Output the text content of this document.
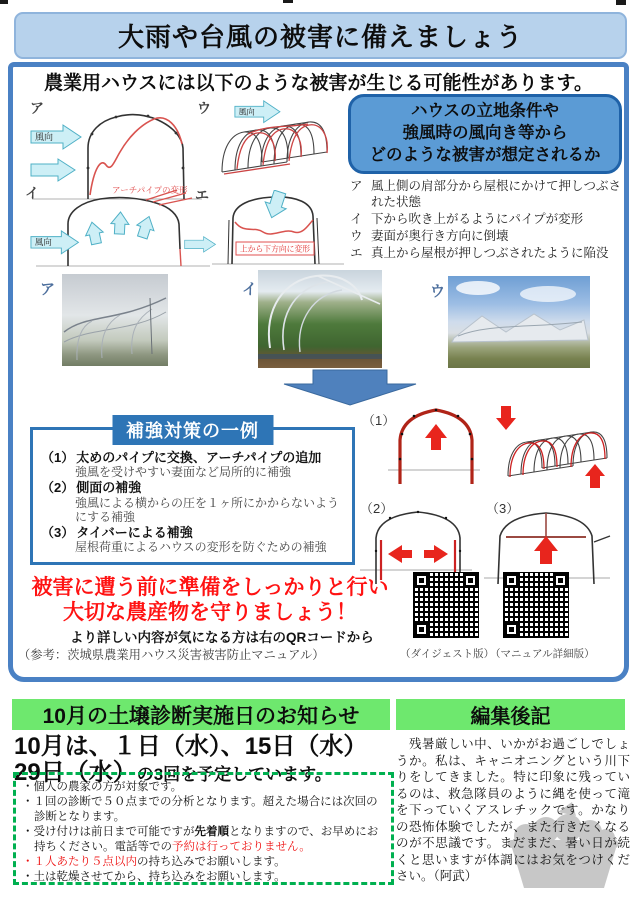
大雨や台風の被害に備えましょう
農業用ハウスには以下のような被害が生じる可能性があります。
ア
アーチパイプの変形
風向
ウ	風向
イ
風向
エ
上から下方向に変形
ハウスの立地条件や
強風時の風向き等から
どのような被害が想定されるか
ア 風上側の肩部分から屋根にかけて押しつぶされた状態
イ 下から吹き上がるようにパイプが変形
ウ 妻面が奥行き方向に倒壊
エ 真上から屋根が押しつぶされたように陥没
ア	イ	ウ
補強対策の一例
（1） 太めのパイプに交換、アーチパイプの追加
強風を受けやすい妻面など局所的に補強
（2） 側面の補強
強風による横からの圧を１ヶ所にかからないようにする補強
（3） タイバーによる補強
屋根荷重によるハウスの変形を防ぐための補強
（1）
（2）	（3）
被害に遭う前に準備をしっかりと行い
大切な農産物を守りましょう！
より詳しい内容が気になる方は右のQRコードから
（参考：茨城県農業用ハウス災害被害防止マニュアル）	（ダイジェスト版）
（マニュアル詳細版）
10月の土壌診断実施日のお知らせ
10月は、１日（水）、15日（水）
29日（水）の3回を予定しています。

・個人の農家の方が対象です。

・１回の診断で５０点までの分析となります。超えた場合には次回の診断となります。

・受け付けは前日まで可能ですが先着順となりますので、お早めにお持ちください。電話等での予約は行っておりません。

・１人あたり５点以内の持ち込みでお願いします。

・土は乾燥させてから、持ち込みをお願いします。

編集後記
　残暑厳しい中、いかがお過ごしでしょうか。私は、キャニオニングという川下りをしてきました。特に印象に残っているのは、救急隊員のように縄を使って滝を下っていくアスレチックです。かなりの恐怖体験でしたが、また行きたくなるのが不思議です。まだまだ、暑い日が続くと思いますが体調にはお気をつけください。（阿武）
